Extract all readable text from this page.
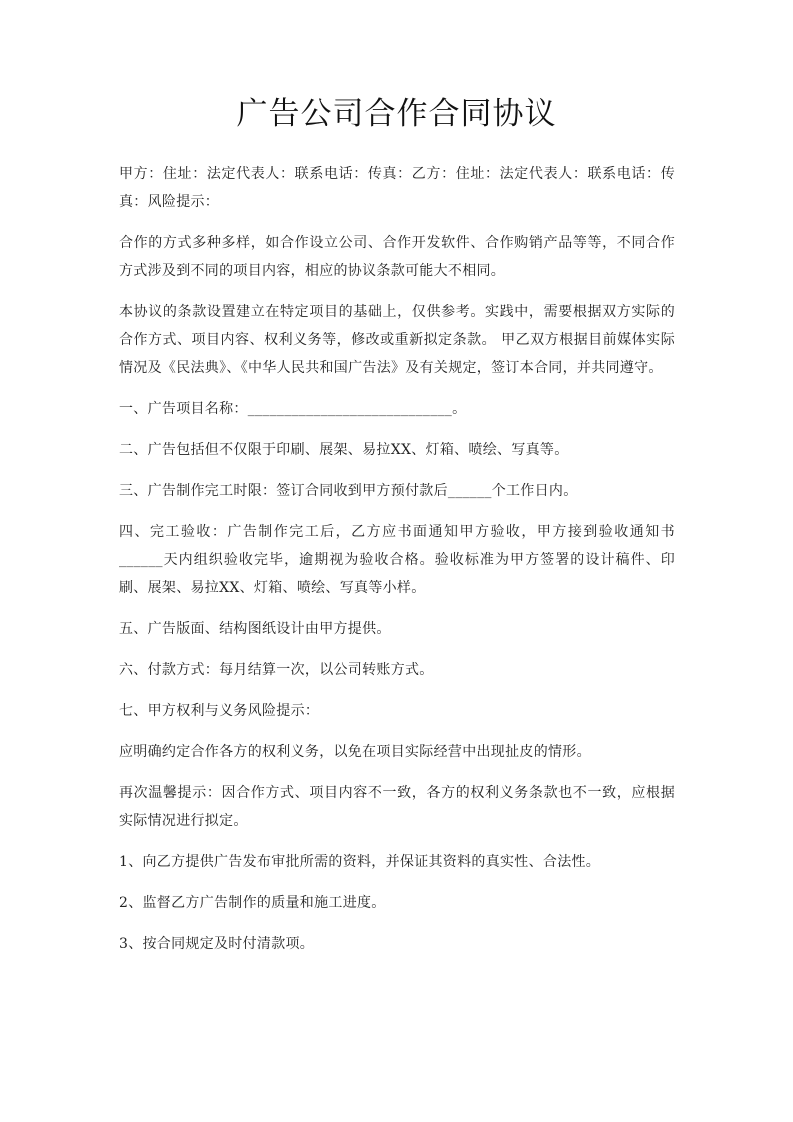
广告公司合作合同协议

甲方：住址：法定代表人：联系电话：传真：乙方：住址：法定代表人：联系电话：传真：风险提示：

合作的方式多种多样，如合作设立公司、合作开发软件、合作购销产品等等，不同合作方式涉及到不同的项目内容，相应的协议条款可能大不相同。

本协议的条款设置建立在特定项目的基础上，仅供参考。实践中，需要根据双方实际的合作方式、项目内容、权利义务等，修改或重新拟定条款。 甲乙双方根据目前媒体实际情况及《民法典》、《中华人民共和国广告法》及有关规定，签订本合同，并共同遵守。

一、广告项目名称：____________________________。

二、广告包括但不仅限于印刷、展架、易拉XX、灯箱、喷绘、写真等。

三、广告制作完工时限：签订合同收到甲方预付款后______个工作日内。

四、完工验收：广告制作完工后，乙方应书面通知甲方验收，甲方接到验收通知书______天内组织验收完毕，逾期视为验收合格。验收标准为甲方签署的设计稿件、印刷、展架、易拉XX、灯箱、喷绘、写真等小样。

五、广告版面、结构图纸设计由甲方提供。

六、付款方式：每月结算一次，以公司转账方式。

七、甲方权利与义务风险提示：

应明确约定合作各方的权利义务，以免在项目实际经营中出现扯皮的情形。

再次温馨提示：因合作方式、项目内容不一致，各方的权利义务条款也不一致，应根据实际情况进行拟定。

1、向乙方提供广告发布审批所需的资料，并保证其资料的真实性、合法性。

2、监督乙方广告制作的质量和施工进度。

3、按合同规定及时付清款项。
